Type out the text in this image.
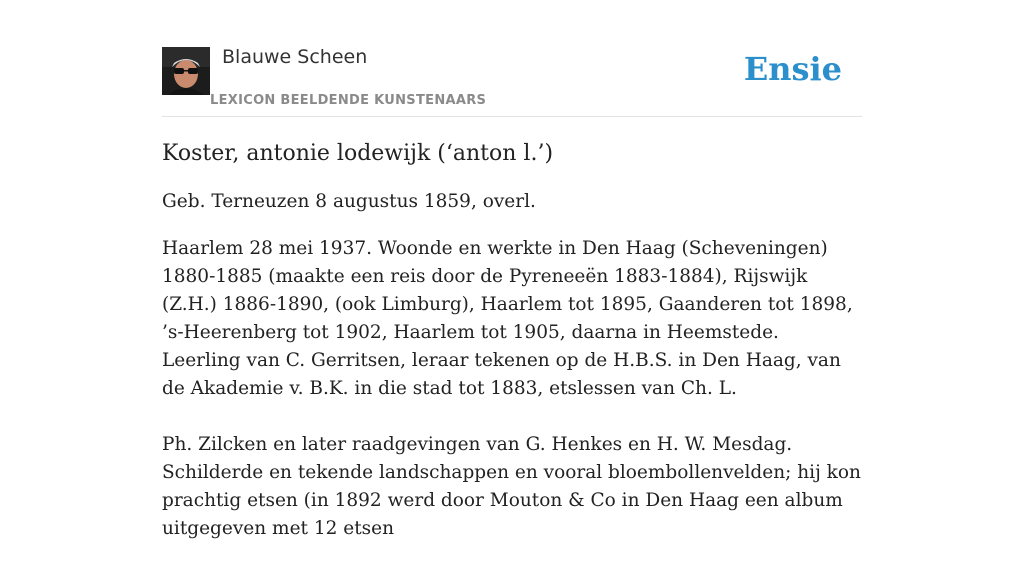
Blauwe Scheen
LEXICON BEELDENDE KUNSTENAARS
Ensie
Koster, antonie lodewijk (‘anton l.’)

Geb. Terneuzen 8 augustus 1859, overl.

Haarlem 28 mei 1937. Woonde en werkte in Den Haag (Scheveningen) 1880-1885 (maakte een reis door de Pyreneeën 1883-1884), Rijswijk (Z.H.) 1886-1890, (ook Limburg), Haarlem tot 1895, Gaanderen tot 1898, ’s-Heerenberg tot 1902, Haarlem tot 1905, daarna in Heemstede. Leerling van C. Gerritsen, leraar tekenen op de H.B.S. in Den Haag, van de Akademie v. B.K. in die stad tot 1883, etslessen van Ch. L.

Ph. Zilcken en later raadgevingen van G. Henkes en H. W. Mesdag. Schilderde en tekende landschappen en vooral bloembollenvelden; hij kon prachtig etsen (in 1892 werd door Mouton & Co in Den Haag een album uitgegeven met 12 etsen
